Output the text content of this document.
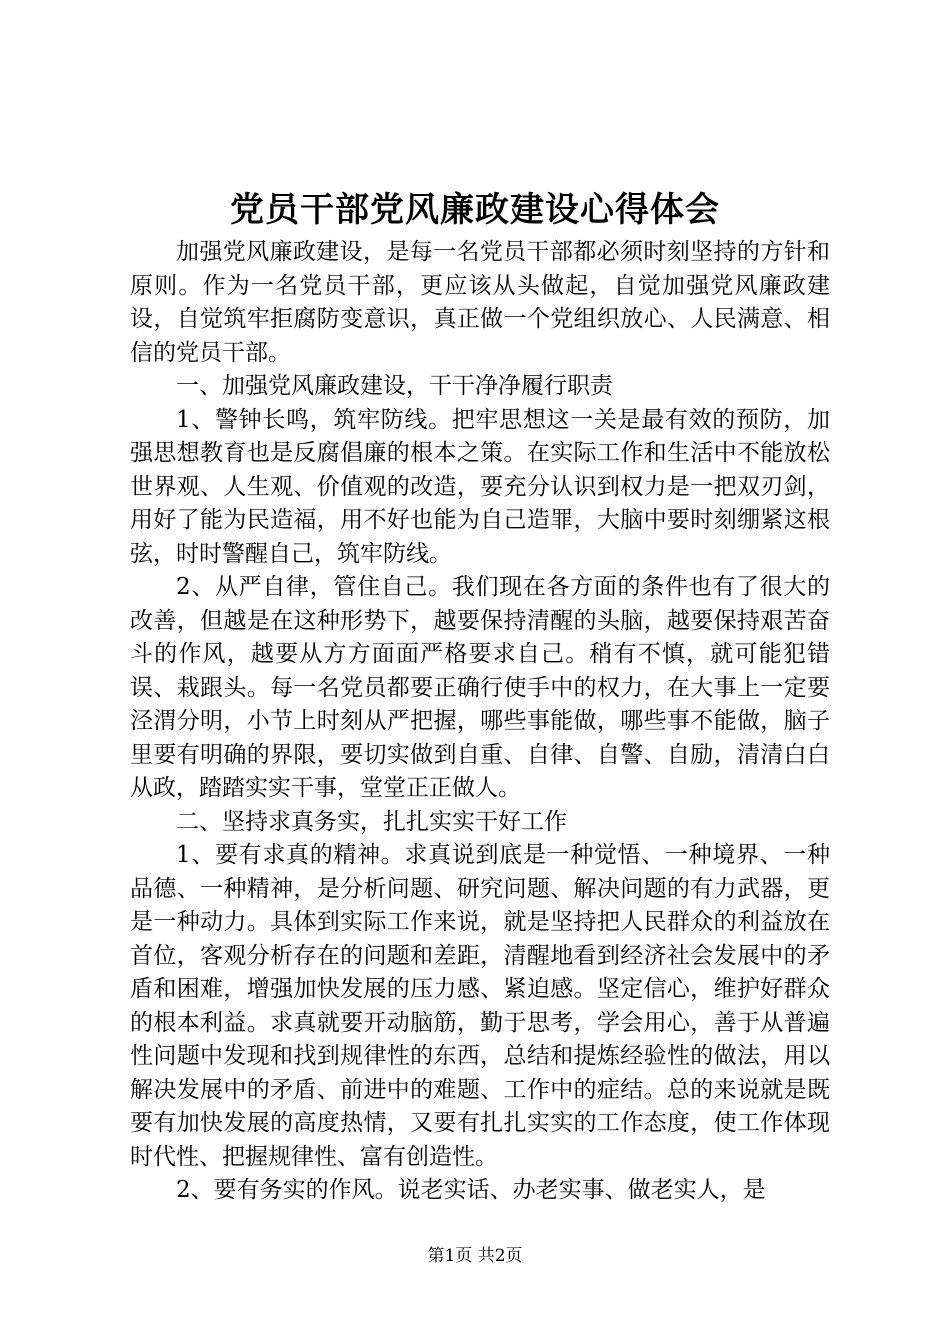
党员干部党风廉政建设心得体会

加强党风廉政建设，是每一名党员干部都必须时刻坚持的方针和原则。作为一名党员干部，更应该从头做起，自觉加强党风廉政建设，自觉筑牢拒腐防变意识，真正做一个党组织放心、人民满意、相信的党员干部。

一、加强党风廉政建设，干干净净履行职责

1、警钟长鸣，筑牢防线。把牢思想这一关是最有效的预防，加强思想教育也是反腐倡廉的根本之策。在实际工作和生活中不能放松世界观、人生观、价值观的改造，要充分认识到权力是一把双刃剑，用好了能为民造福，用不好也能为自己造罪，大脑中要时刻绷紧这根弦，时时警醒自己，筑牢防线。

2、从严自律，管住自己。我们现在各方面的条件也有了很大的改善，但越是在这种形势下，越要保持清醒的头脑，越要保持艰苦奋斗的作风，越要从方方面面严格要求自己。稍有不慎，就可能犯错误、栽跟头。每一名党员都要正确行使手中的权力，在大事上一定要泾渭分明，小节上时刻从严把握，哪些事能做，哪些事不能做，脑子里要有明确的界限，要切实做到自重、自律、自警、自励，清清白白从政，踏踏实实干事，堂堂正正做人。

二、坚持求真务实，扎扎实实干好工作

1、要有求真的精神。求真说到底是一种觉悟、一种境界、一种品德、一种精神，是分析问题、研究问题、解决问题的有力武器，更是一种动力。具体到实际工作来说，就是坚持把人民群众的利益放在首位，客观分析存在的问题和差距，清醒地看到经济社会发展中的矛盾和困难，增强加快发展的压力感、紧迫感。坚定信心，维护好群众的根本利益。求真就要开动脑筋，勤于思考，学会用心，善于从普遍性问题中发现和找到规律性的东西，总结和提炼经验性的做法，用以解决发展中的矛盾、前进中的难题、工作中的症结。总的来说就是既要有加快发展的高度热情，又要有扎扎实实的工作态度，使工作体现时代性、把握规律性、富有创造性。

2、要有务实的作风。说老实话、办老实事、做老实人，是

第1页 共2页
